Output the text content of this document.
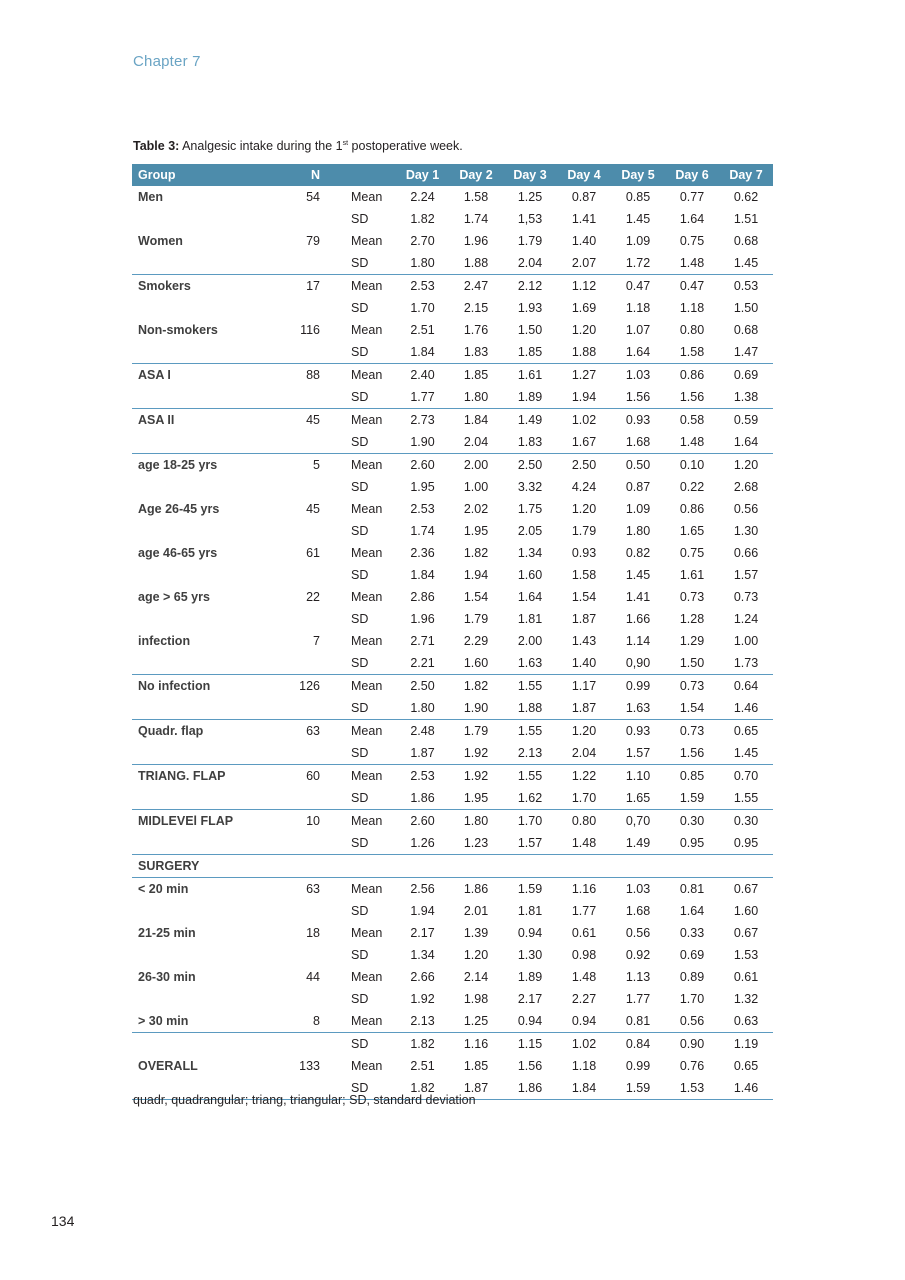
Chapter 7
Table 3: Analgesic intake during the 1st postoperative week.
Group	N		Day 1	Day 2	Day 3	Day 4	Day 5	Day 6	Day 7
Men	54	Mean	2.24	1.58	1.25	0.87	0.85	0.77	0.62
		SD	1.82	1.74	1,53	1.41	1.45	1.64	1.51
Women	79	Mean	2.70	1.96	1.79	1.40	1.09	0.75	0.68
		SD	1.80	1.88	2.04	2.07	1.72	1.48	1.45
Smokers	17	Mean	2.53	2.47	2.12	1.12	0.47	0.47	0.53
		SD	1.70	2.15	1.93	1.69	1.18	1.18	1.50
Non-smokers	116	Mean	2.51	1.76	1.50	1.20	1.07	0.80	0.68
		SD	1.84	1.83	1.85	1.88	1.64	1.58	1.47
ASA I	88	Mean	2.40	1.85	1.61	1.27	1.03	0.86	0.69
		SD	1.77	1.80	1.89	1.94	1.56	1.56	1.38
ASA II	45	Mean	2.73	1.84	1.49	1.02	0.93	0.58	0.59
		SD	1.90	2.04	1.83	1.67	1.68	1.48	1.64
age 18-25 yrs	5	Mean	2.60	2.00	2.50	2.50	0.50	0.10	1.20
		SD	1.95	1.00	3.32	4.24	0.87	0.22	2.68
Age 26-45 yrs	45	Mean	2.53	2.02	1.75	1.20	1.09	0.86	0.56
		SD	1.74	1.95	2.05	1.79	1.80	1.65	1.30
age 46-65 yrs	61	Mean	2.36	1.82	1.34	0.93	0.82	0.75	0.66
		SD	1.84	1.94	1.60	1.58	1.45	1.61	1.57
age > 65 yrs	22	Mean	2.86	1.54	1.64	1.54	1.41	0.73	0.73
		SD	1.96	1.79	1.81	1.87	1.66	1.28	1.24
infection	7	Mean	2.71	2.29	2.00	1.43	1.14	1.29	1.00
		SD	2.21	1.60	1.63	1.40	0,90	1.50	1.73
No infection	126	Mean	2.50	1.82	1.55	1.17	0.99	0.73	0.64
		SD	1.80	1.90	1.88	1.87	1.63	1.54	1.46
Quadr. flap	63	Mean	2.48	1.79	1.55	1.20	0.93	0.73	0.65
		SD	1.87	1.92	2.13	2.04	1.57	1.56	1.45
TRIANG. FLAP	60	Mean	2.53	1.92	1.55	1.22	1.10	0.85	0.70
		SD	1.86	1.95	1.62	1.70	1.65	1.59	1.55
MIDLEVEl FLAP	10	Mean	2.60	1.80	1.70	0.80	0,70	0.30	0.30
		SD	1.26	1.23	1.57	1.48	1.49	0.95	0.95
SURGERY									
< 20 min	63	Mean	2.56	1.86	1.59	1.16	1.03	0.81	0.67
		SD	1.94	2.01	1.81	1.77	1.68	1.64	1.60
21-25 min	18	Mean	2.17	1.39	0.94	0.61	0.56	0.33	0.67
		SD	1.34	1.20	1.30	0.98	0.92	0.69	1.53
26-30 min	44	Mean	2.66	2.14	1.89	1.48	1.13	0.89	0.61
		SD	1.92	1.98	2.17	2.27	1.77	1.70	1.32
> 30 min	8	Mean	2.13	1.25	0.94	0.94	0.81	0.56	0.63
		SD	1.82	1.16	1.15	1.02	0.84	0.90	1.19
OVERALL	133	Mean	2.51	1.85	1.56	1.18	0.99	0.76	0.65
		SD	1.82	1.87	1.86	1.84	1.59	1.53	1.46
quadr, quadrangular; triang, triangular; SD, standard deviation
134
